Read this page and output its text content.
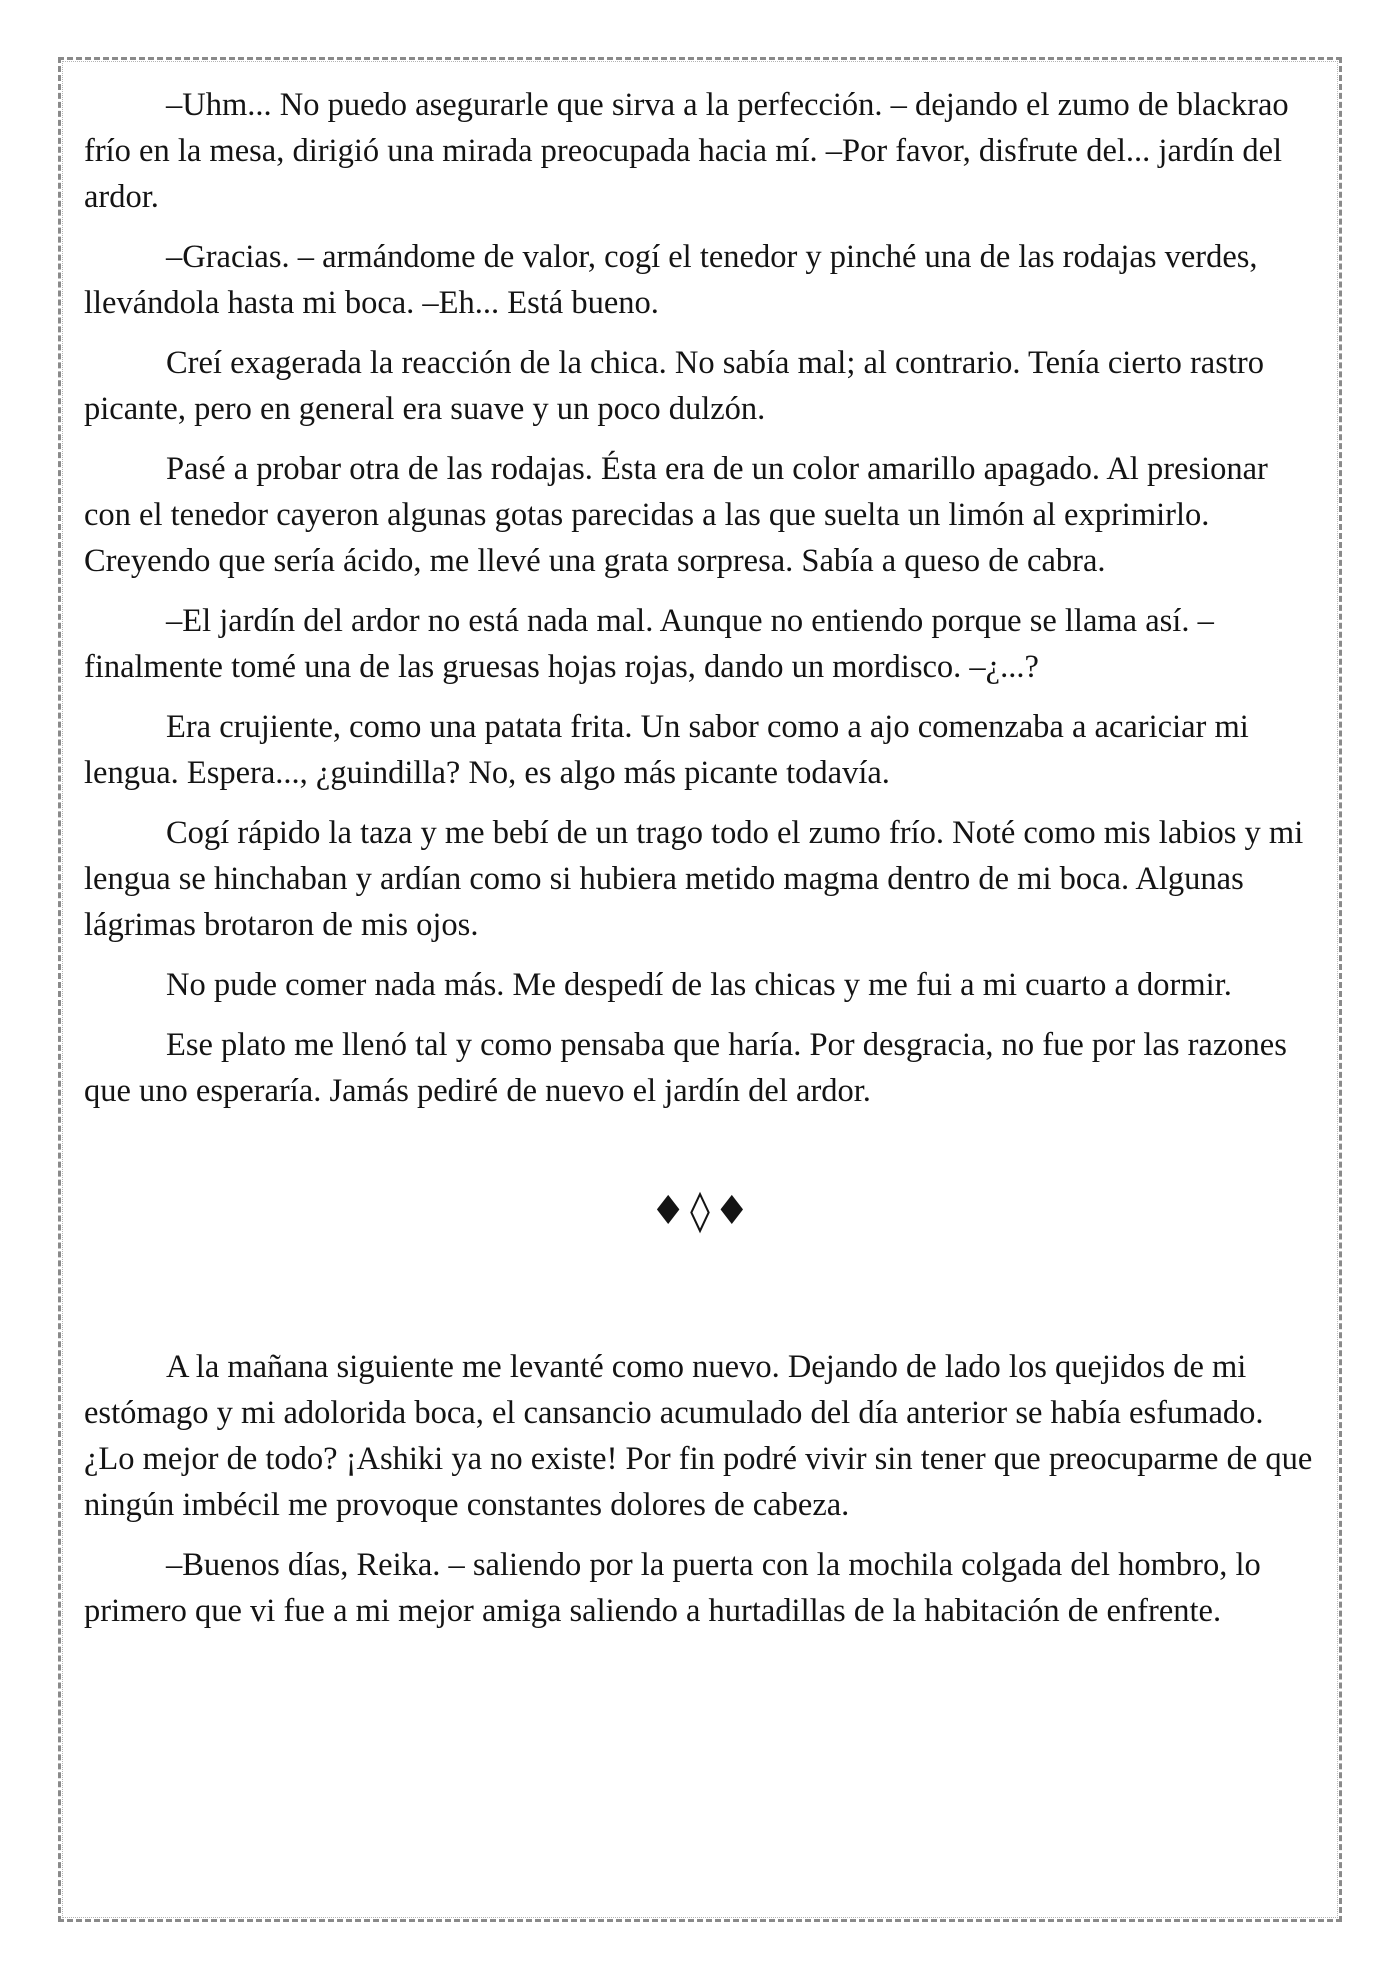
–Uhm... No puedo asegurarle que sirva a la perfección. – dejando el zumo de blackrao frío en la mesa, dirigió una mirada preocupada hacia mí. –Por favor, disfrute del... jardín del ardor.

–Gracias. – armándome de valor, cogí el tenedor y pinché una de las rodajas verdes, llevándola hasta mi boca. –Eh... Está bueno.

Creí exagerada la reacción de la chica. No sabía mal; al contrario. Tenía cierto rastro picante, pero en general era suave y un poco dulzón.

Pasé a probar otra de las rodajas. Ésta era de un color amarillo apagado. Al presionar con el tenedor cayeron algunas gotas parecidas a las que suelta un limón al exprimirlo. Creyendo que sería ácido, me llevé una grata sorpresa. Sabía a queso de cabra.

–El jardín del ardor no está nada mal. Aunque no entiendo porque se llama así. – finalmente tomé una de las gruesas hojas rojas, dando un mordisco. –¿...?

Era crujiente, como una patata frita. Un sabor como a ajo comenzaba a acariciar mi lengua. Espera..., ¿guindilla? No, es algo más picante todavía.

Cogí rápido la taza y me bebí de un trago todo el zumo frío. Noté como mis labios y mi lengua se hinchaban y ardían como si hubiera metido magma dentro de mi boca. Algunas lágrimas brotaron de mis ojos.

No pude comer nada más. Me despedí de las chicas y me fui a mi cuarto a dormir.

Ese plato me llenó tal y como pensaba que haría. Por desgracia, no fue por las razones que uno esperaría. Jamás pediré de nuevo el jardín del ardor.

♦◊♦

A la mañana siguiente me levanté como nuevo. Dejando de lado los quejidos de mi estómago y mi adolorida boca, el cansancio acumulado del día anterior se había esfumado. ¿Lo mejor de todo? ¡Ashiki ya no existe! Por fin podré vivir sin tener que preocuparme de que ningún imbécil me provoque constantes dolores de cabeza.

–Buenos días, Reika. – saliendo por la puerta con la mochila colgada del hombro, lo primero que vi fue a mi mejor amiga saliendo a hurtadillas de la habitación de enfrente.
